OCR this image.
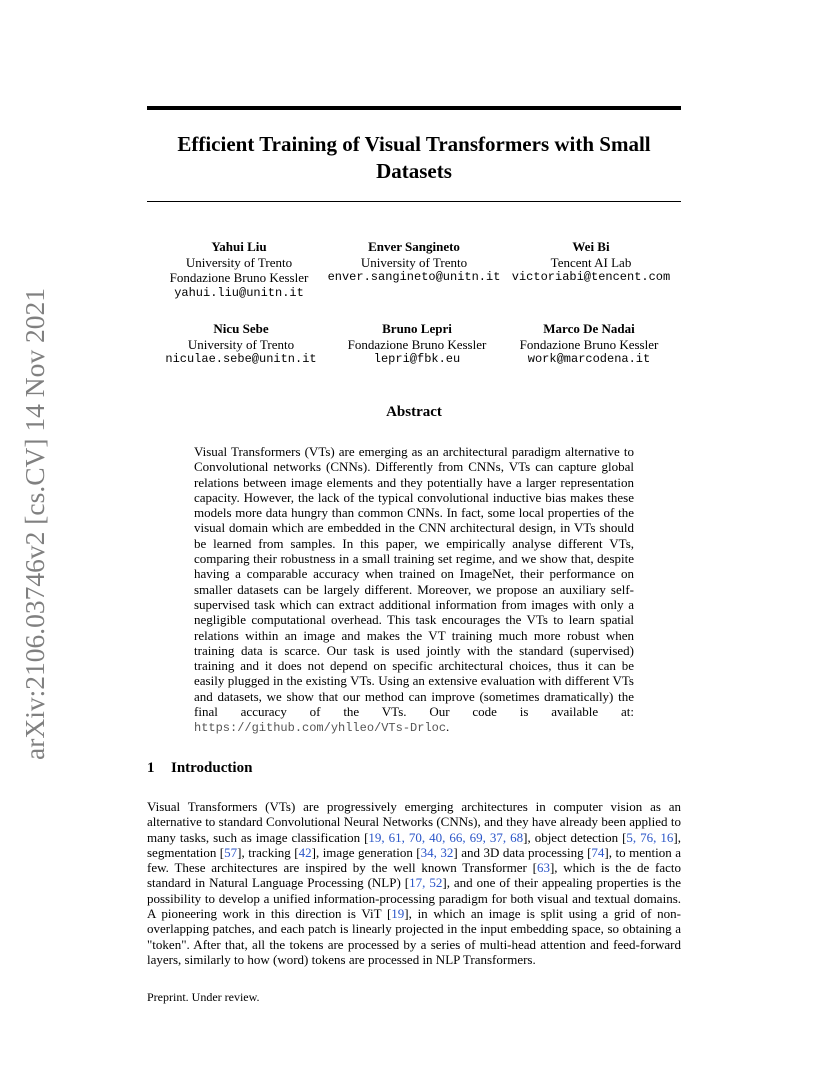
Efficient Training of Visual Transformers with Small Datasets
arXiv:2106.03746v2 [cs.CV] 14 Nov 2021
Yahui Liu
University of Trento
Fondazione Bruno Kessler
yahui.liu@unitn.it
Enver Sangineto
University of Trento
enver.sangineto@unitn.it
Wei Bi
Tencent AI Lab
victoriabi@tencent.com
Nicu Sebe
University of Trento
niculae.sebe@unitn.it
Bruno Lepri
Fondazione Bruno Kessler
lepri@fbk.eu
Marco De Nadai
Fondazione Bruno Kessler
work@marcodena.it
Abstract

Visual Transformers (VTs) are emerging as an architectural paradigm alternative to Convolutional networks (CNNs). Differently from CNNs, VTs can capture global relations between image elements and they potentially have a larger representation capacity. However, the lack of the typical convolutional inductive bias makes these models more data hungry than common CNNs. In fact, some local properties of the visual domain which are embedded in the CNN architectural design, in VTs should be learned from samples. In this paper, we empirically analyse different VTs, comparing their robustness in a small training set regime, and we show that, despite having a comparable accuracy when trained on ImageNet, their performance on smaller datasets can be largely different. Moreover, we propose an auxiliary self-supervised task which can extract additional information from images with only a negligible computational overhead. This task encourages the VTs to learn spatial relations within an image and makes the VT training much more robust when training data is scarce. Our task is used jointly with the standard (supervised) training and it does not depend on specific architectural choices, thus it can be easily plugged in the existing VTs. Using an extensive evaluation with different VTs and datasets, we show that our method can improve (sometimes dramatically) the final accuracy of the VTs. Our code is available at: https://github.com/yhlleo/VTs-Drloc.

1 Introduction

Visual Transformers (VTs) are progressively emerging architectures in computer vision as an alternative to standard Convolutional Neural Networks (CNNs), and they have already been applied to many tasks, such as image classification [19, 61, 70, 40, 66, 69, 37, 68], object detection [5, 76, 16], segmentation [57], tracking [42], image generation [34, 32] and 3D data processing [74], to mention a few. These architectures are inspired by the well known Transformer [63], which is the de facto standard in Natural Language Processing (NLP) [17, 52], and one of their appealing properties is the possibility to develop a unified information-processing paradigm for both visual and textual domains. A pioneering work in this direction is ViT [19], in which an image is split using a grid of non-overlapping patches, and each patch is linearly projected in the input embedding space, so obtaining a "token". After that, all the tokens are processed by a series of multi-head attention and feed-forward layers, similarly to how (word) tokens are processed in NLP Transformers.

Preprint. Under review.
